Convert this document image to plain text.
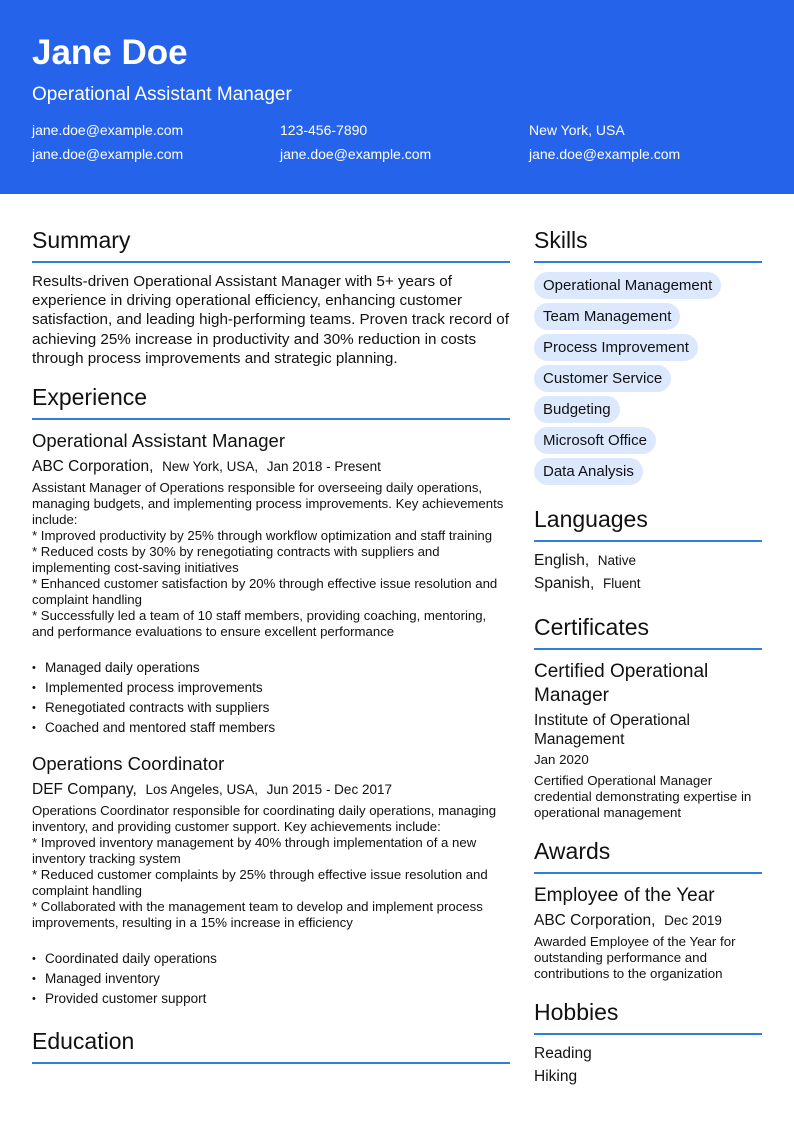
Jane Doe
Operational Assistant Manager
jane.doe@example.com	123-456-7890	New York, USA
jane.doe@example.com	jane.doe@example.com	jane.doe@example.com
Summary
Results-driven Operational Assistant Manager with 5+ years of experience in driving operational efficiency, enhancing customer satisfaction, and leading high-performing teams. Proven track record of achieving 25% increase in productivity and 30% reduction in costs through process improvements and strategic planning.
Experience
Operational Assistant Manager
ABC Corporation, New York, USA, Jan 2018 - Present
Assistant Manager of Operations responsible for overseeing daily operations, managing budgets, and implementing process improvements. Key achievements include:
* Improved productivity by 25% through workflow optimization and staff training
* Reduced costs by 30% by renegotiating contracts with suppliers and implementing cost-saving initiatives
* Enhanced customer satisfaction by 20% through effective issue resolution and complaint handling
* Successfully led a team of 10 staff members, providing coaching, mentoring, and performance evaluations to ensure excellent performance
• Managed daily operations
• Implemented process improvements
• Renegotiated contracts with suppliers
• Coached and mentored staff members
Operations Coordinator
DEF Company, Los Angeles, USA, Jun 2015 - Dec 2017
Operations Coordinator responsible for coordinating daily operations, managing inventory, and providing customer support. Key achievements include:
* Improved inventory management by 40% through implementation of a new inventory tracking system
* Reduced customer complaints by 25% through effective issue resolution and complaint handling
* Collaborated with the management team to develop and implement process improvements, resulting in a 15% increase in efficiency
• Coordinated daily operations
• Managed inventory
• Provided customer support
Education
Skills
Operational Management
Team Management
Process Improvement
Customer Service
Budgeting
Microsoft Office
Data Analysis
Languages
English, Native
Spanish, Fluent
Certificates
Certified Operational Manager
Institute of Operational Management
Jan 2020
Certified Operational Manager credential demonstrating expertise in operational management
Awards
Employee of the Year
ABC Corporation, Dec 2019
Awarded Employee of the Year for outstanding performance and contributions to the organization
Hobbies
Reading
Hiking
